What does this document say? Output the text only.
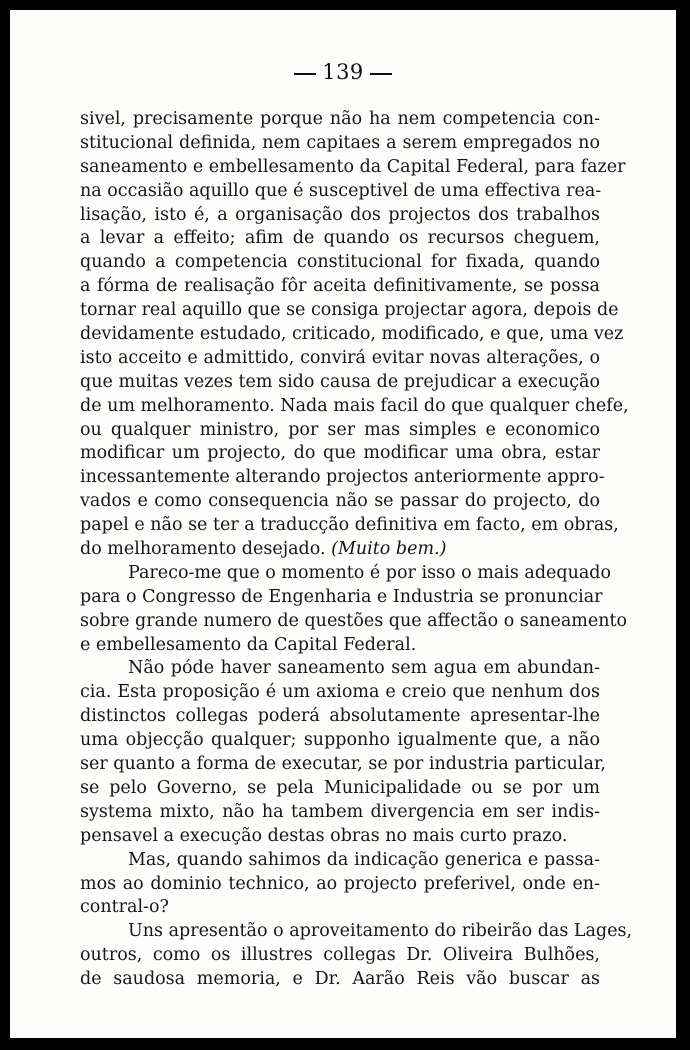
139
sivel, precisamente porque não ha nem competencia con-
stitucional definida, nem capitaes a serem empregados no
saneamento e embellesamento da Capital Federal, para fazer
na occasião aquillo que é susceptivel de uma effectiva rea-
lisação, isto é, a organisação dos projectos dos trabalhos
a levar a effeito; afim de quando os recursos cheguem,
quando a competencia constitucional for fixada, quando
a fórma de realisação fôr aceita definitivamente, se possa
tornar real aquillo que se consiga projectar agora, depois de
devidamente estudado, criticado, modificado, e que, uma vez
isto acceito e admittido, convirá evitar novas alterações, o
que muitas vezes tem sido causa de prejudicar a execução
de um melhoramento. Nada mais facil do que qualquer chefe,
ou qualquer ministro, por ser mas simples e economico
modificar um projecto, do que modificar uma obra, estar
incessantemente alterando projectos anteriormente appro-
vados e como consequencia não se passar do projecto, do
papel e não se ter a traducção definitiva em facto, em obras,
do melhoramento desejado. (Muito bem.)
Pareco-me que o momento é por isso o mais adequado
para o Congresso de Engenharia e Industria se pronunciar
sobre grande numero de questões que affectão o saneamento
e embellesamento da Capital Federal.
Não póde haver saneamento sem agua em abundan-
cia. Esta proposição é um axioma e creio que nenhum dos
distinctos collegas poderá absolutamente apresentar-lhe
uma objecção qualquer; supponho igualmente que, a não
ser quanto a forma de executar, se por industria particular,
se pelo Governo, se pela Municipalidade ou se por um
systema mixto, não ha tambem divergencia em ser indis-
pensavel a execução destas obras no mais curto prazo.
Mas, quando sahimos da indicação generica e passa-
mos ao dominio technico, ao projecto preferivel, onde en-
contral-o?
Uns apresentão o aproveitamento do ribeirão das Lages,
outros, como os illustres collegas Dr. Oliveira Bulhões,
de saudosa memoria, e Dr. Aarão Reis vão buscar as
